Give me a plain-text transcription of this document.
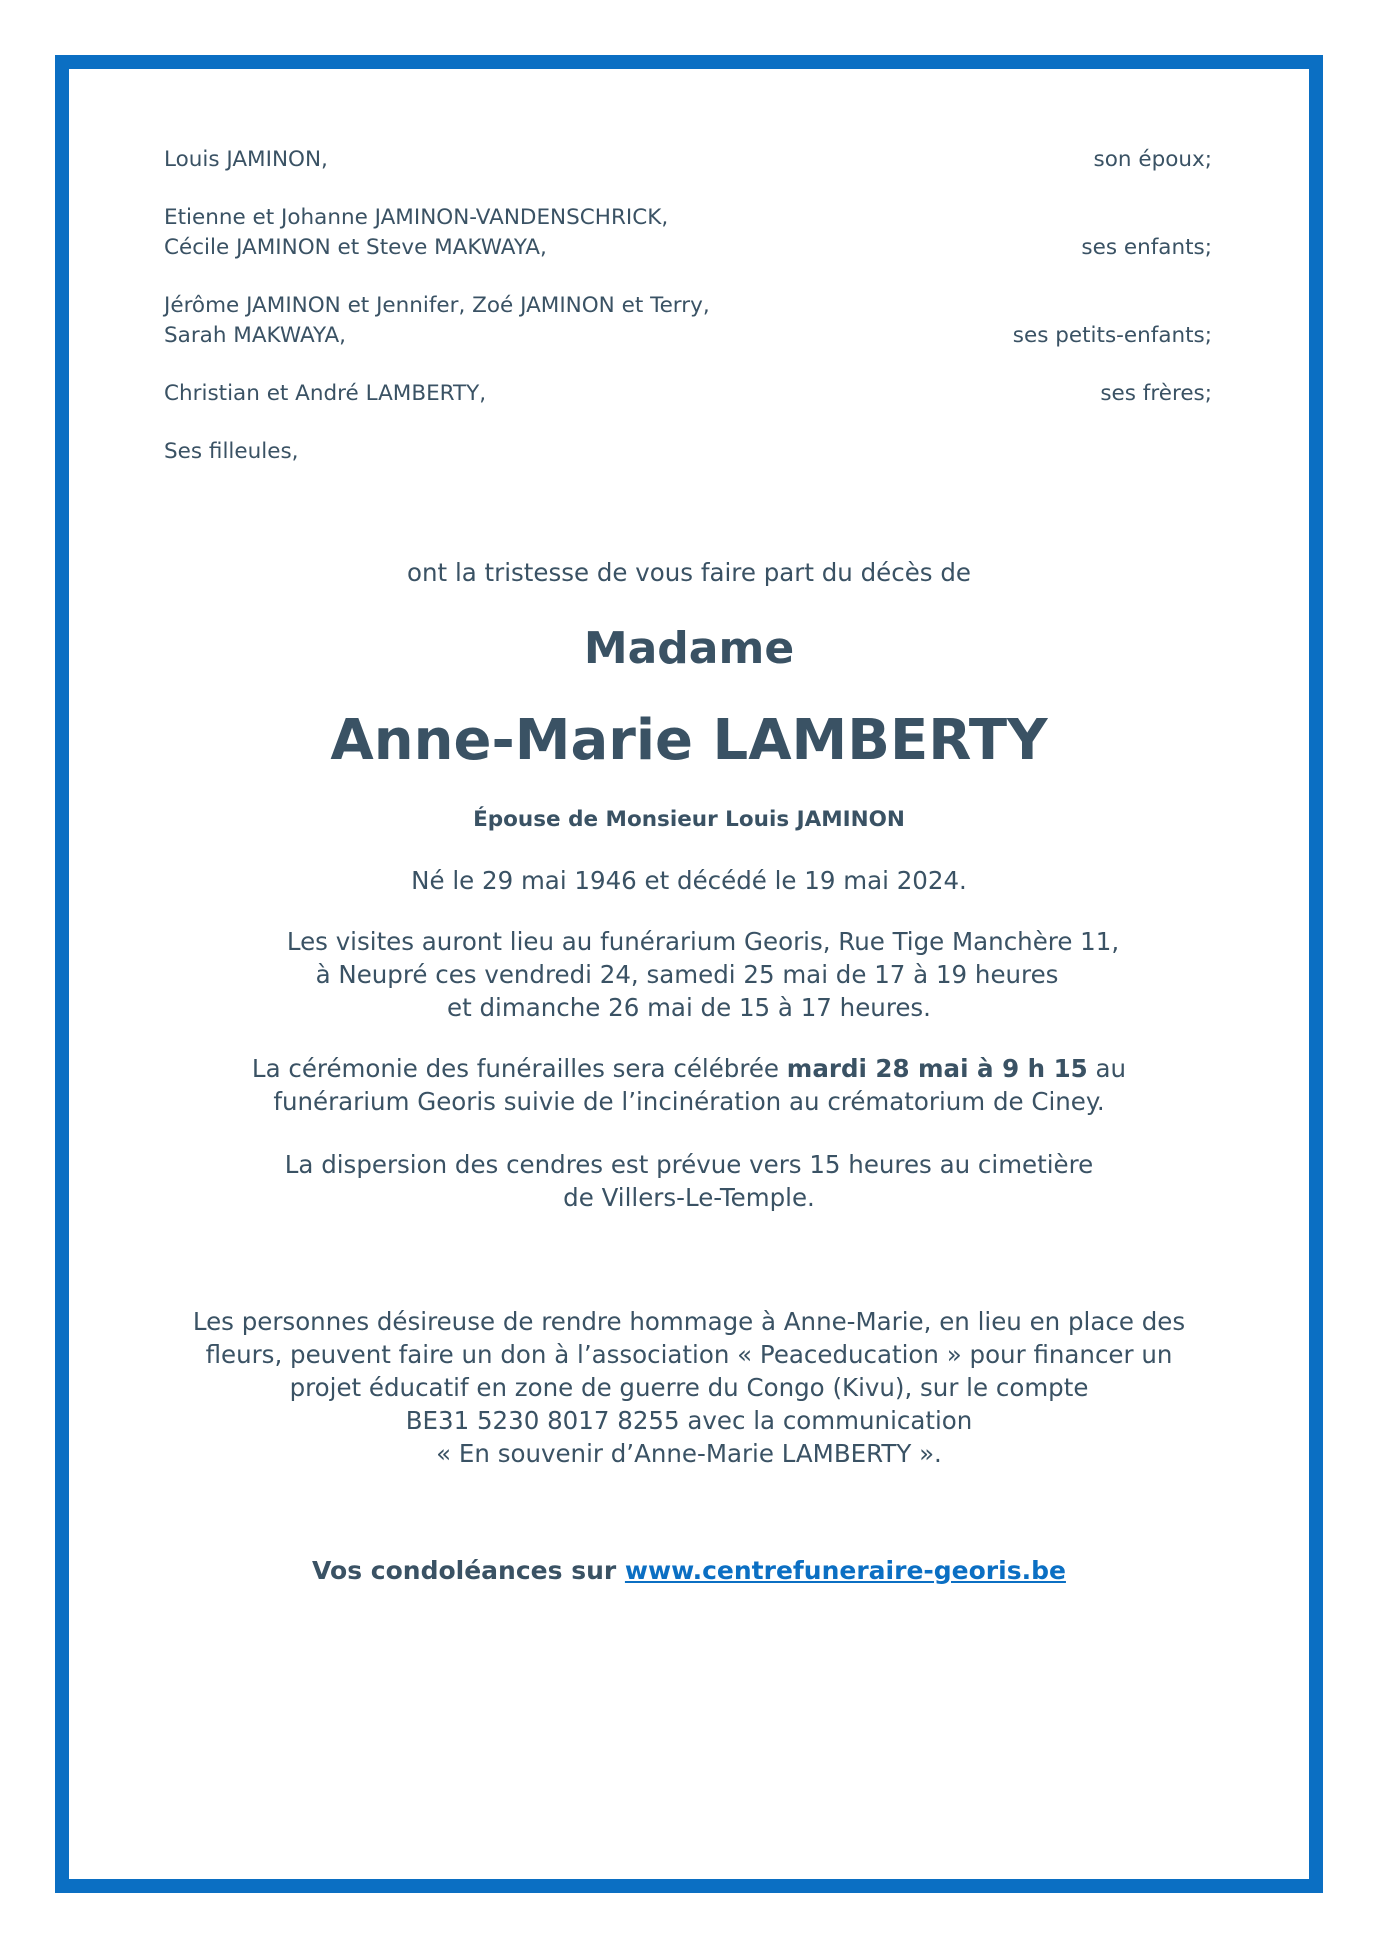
Louis JAMINON,	son époux;
Etienne et Johanne JAMINON-VANDENSCHRICK,
Cécile JAMINON et Steve MAKWAYA,	ses enfants;
Jérôme JAMINON et Jennifer, Zoé JAMINON et Terry,
Sarah MAKWAYA,	ses petits-enfants;
Christian et André LAMBERTY,	ses frères;
Ses filleules,
ont la tristesse de vous faire part du décès de
Madame
Anne-Marie LAMBERTY
Épouse de Monsieur Louis JAMINON
Né le 29 mai 1946 et décédé le 19 mai 2024.
Les visites auront lieu au funérarium Georis, Rue Tige Manchère 11,
à Neupré ces vendredi 24, samedi 25 mai de 17 à 19 heures
et dimanche 26 mai de 15 à 17 heures.
La cérémonie des funérailles sera célébrée mardi 28 mai à 9 h 15 au
funérarium Georis suivie de l’incinération au crématorium de Ciney.
La dispersion des cendres est prévue vers 15 heures au cimetière
de Villers-Le-Temple.
Les personnes désireuse de rendre hommage à Anne-Marie, en lieu en place des
fleurs, peuvent faire un don à l’association « Peaceducation » pour financer un
projet éducatif en zone de guerre du Congo (Kivu), sur le compte
BE31 5230 8017 8255 avec la communication
« En souvenir d’Anne-Marie LAMBERTY ».
Vos condoléances sur www.centrefuneraire-georis.be
